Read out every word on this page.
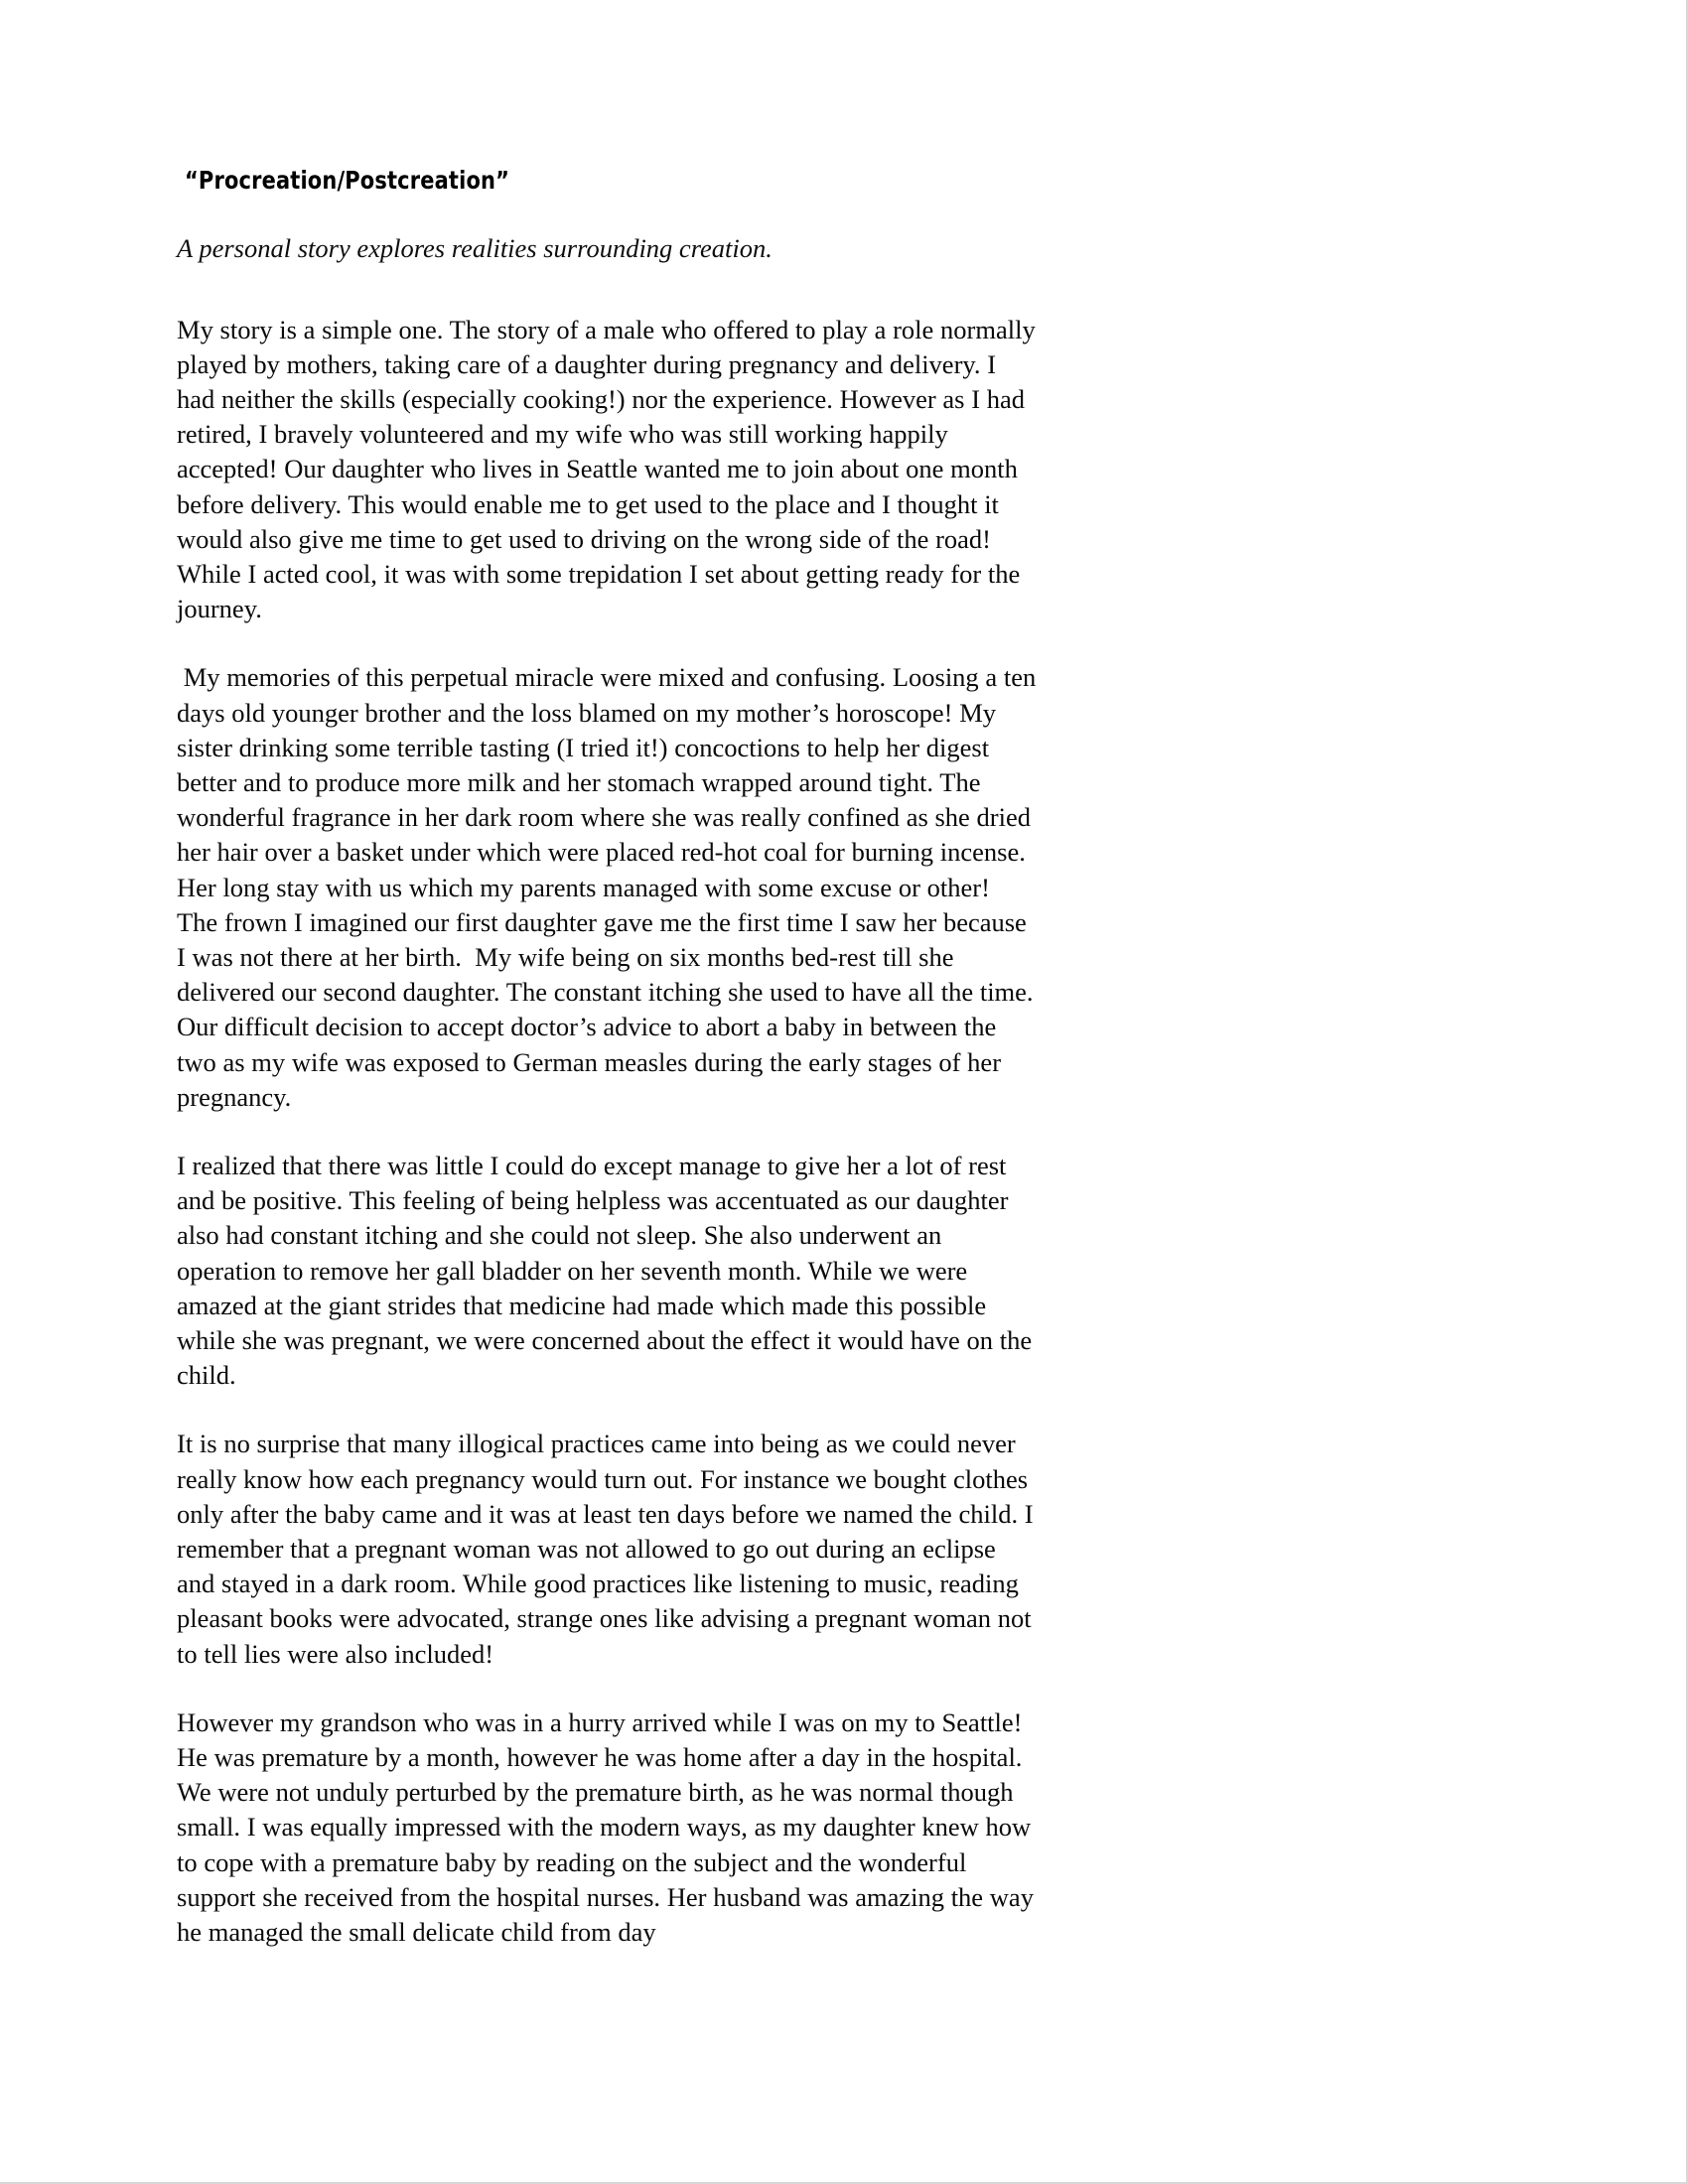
“Procreation/Postcreation”

A personal story explores realities surrounding creation.

My story is a simple one. The story of a male who offered to play a role normally played by mothers, taking care of a daughter during pregnancy and delivery. I had neither the skills (especially cooking!) nor the experience. However as I had retired, I bravely volunteered and my wife who was still working happily accepted! Our daughter who lives in Seattle wanted me to join about one month before delivery. This would enable me to get used to the place and I thought it would also give me time to get used to driving on the wrong side of the road! While I acted cool, it was with some trepidation I set about getting ready for the journey.

My memories of this perpetual miracle were mixed and confusing. Loosing a ten days old younger brother and the loss blamed on my mother’s horoscope! My sister drinking some terrible tasting (I tried it!) concoctions to help her digest better and to produce more milk and her stomach wrapped around tight. The wonderful fragrance in her dark room where she was really confined as she dried her hair over a basket under which were placed red-hot coal for burning incense. Her long stay with us which my parents managed with some excuse or other! The frown I imagined our first daughter gave me the first time I saw her because I was not there at her birth.  My wife being on six months bed-rest till she delivered our second daughter. The constant itching she used to have all the time. Our difficult decision to accept doctor’s advice to abort a baby in between the two as my wife was exposed to German measles during the early stages of her pregnancy.

I realized that there was little I could do except manage to give her a lot of rest and be positive. This feeling of being helpless was accentuated as our daughter also had constant itching and she could not sleep. She also underwent an operation to remove her gall bladder on her seventh month. While we were amazed at the giant strides that medicine had made which made this possible while she was pregnant, we were concerned about the effect it would have on the child.

It is no surprise that many illogical practices came into being as we could never really know how each pregnancy would turn out. For instance we bought clothes only after the baby came and it was at least ten days before we named the child. I remember that a pregnant woman was not allowed to go out during an eclipse and stayed in a dark room. While good practices like listening to music, reading pleasant books were advocated, strange ones like advising a pregnant woman not to tell lies were also included!

However my grandson who was in a hurry arrived while I was on my to Seattle! He was premature by a month, however he was home after a day in the hospital. We were not unduly perturbed by the premature birth, as he was normal though small. I was equally impressed with the modern ways, as my daughter knew how to cope with a premature baby by reading on the subject and the wonderful support she received from the hospital nurses. Her husband was amazing the way he managed the small delicate child from day
